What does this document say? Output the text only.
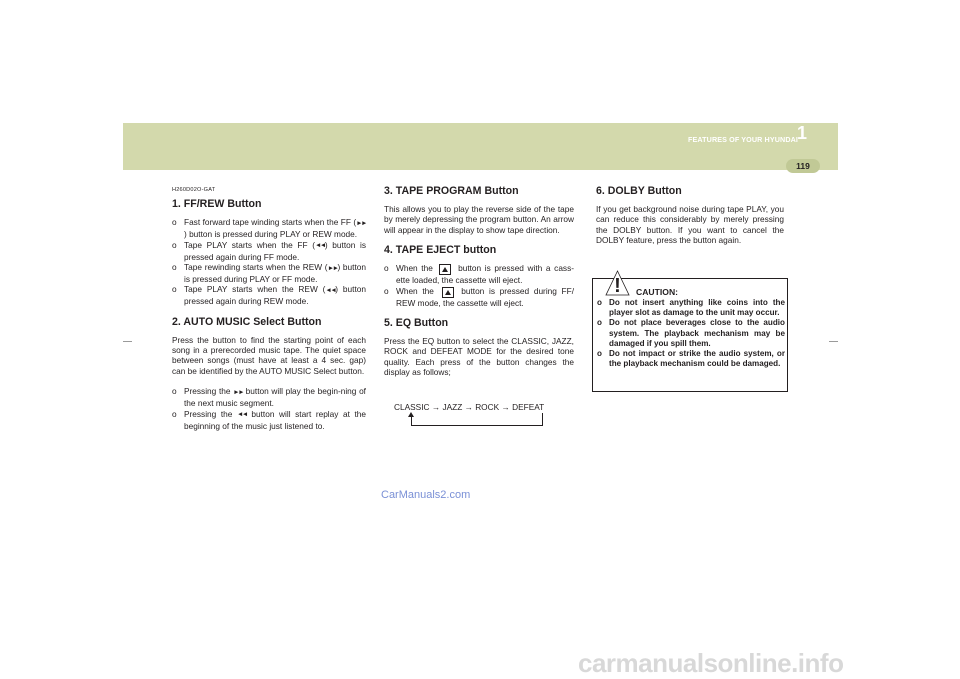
FEATURES OF YOUR HYUNDAI 1
119
H260D02O-GAT
1. FF/REW Button
o Fast forward tape winding starts when the FF (►►) button is pressed during PLAY or REW mode.
o Tape PLAY starts when the FF (◄◄) button is pressed again during FF mode.
o Tape rewinding starts when the REW (►►) button is pressed during PLAY or FF mode.
o Tape PLAY starts when the REW (◄◄) button pressed again during REW mode.
2. AUTO MUSIC Select Button

Press the button to find the starting point of each song in a prerecorded music tape. The quiet space between songs (must have at least a 4 sec. gap) can be identified by the AUTO MUSIC Select button.

o Pressing the ►► button will play the begin-ning of the next music segment.
o Pressing the ◄◄ button will start replay at the beginning of the music just listened to.
3. TAPE PROGRAM Button

This allows you to play the reverse side of the tape by merely depressing the program button. An arrow will appear in the display to show tape direction.

4. TAPE EJECT button
o When the  button is pressed with a cass-ette loaded, the cassette will eject.
o When the  button is pressed during FF/ REW mode, the cassette will eject.
5. EQ Button

Press the EQ button to select the CLASSIC, JAZZ, ROCK and DEFEAT MODE for the desired tone quality. Each press of the button changes the display as follows;

CLASSIC → JAZZ → ROCK → DEFEAT
6. DOLBY Button

If you get background noise during tape PLAY, you can reduce this considerably by merely pressing the DOLBY button. If you want to cancel the DOLBY feature, press the button again.

! CAUTION:
o Do not insert anything like coins into the player slot as damage to the unit may occur.
o Do not place beverages close to the audio system. The playback mechanism may be damaged if you spill them.
o Do not impact or strike the audio system, or the playback mechanism could be damaged.
CarManuals2.com
carmanualsonline.info
